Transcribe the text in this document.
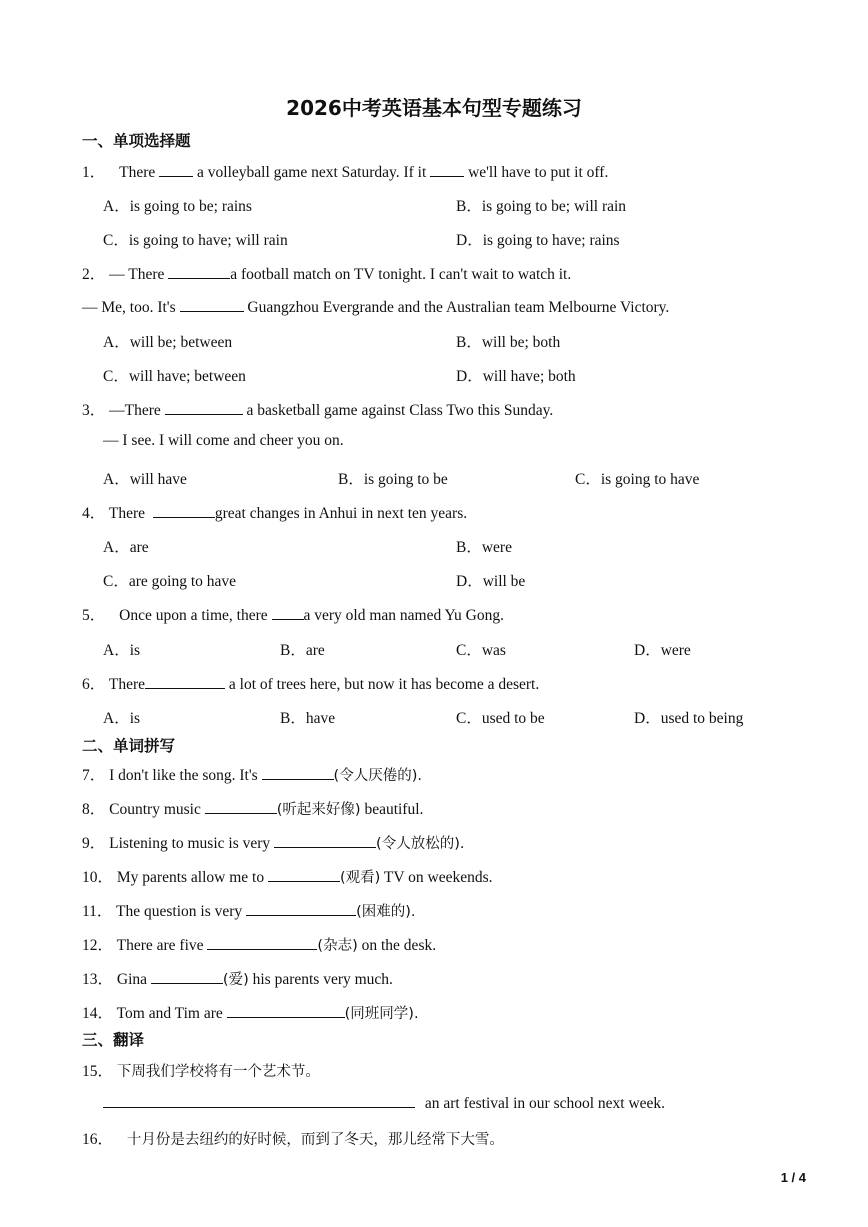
2026中考英语基本句型专题练习
一、单项选择题
1． There	a volleyball game next Saturday. If it	we'll have to put it off.
A．is going to be; rains	B．is going to be; will rain
C．is going to have; will rain	D．is going to have; rains
2． — There	a football match on TV tonight. I can't wait to watch it.
— Me, too. It's	Guangzhou Evergrande and the Australian team Melbourne Victory.
A．will be; between	B．will be; both
C．will have; between	D．will have; both
3． —There	a basketball game against Class Two this Sunday.
— I see. I will come and cheer you on.
A．will have	B．is going to be	C．is going to have
4． There	great changes in Anhui in next ten years.
A．are	B．were
C．are going to have	D．will be
5． Once upon a time, there a very old man named Yu Gong.
A．is	B．are	C．was	D．were
6． There	a lot of trees here, but now it has become a desert.
A．is	B．have	C．used to be	D．used to being
二、单词拼写
7． I don't like the song. It's	(令人厌倦的).
8． Country music	(听起来好像) beautiful.
9． Listening to music is very	(令人放松的).
10． My parents allow me to	(观看) TV on weekends.
11． The question is very	(困难的).
12． There are five	(杂志) on the desk.
13． Gina	(爱) his parents very much.
14． Tom and Tim are	(同班同学).
三、翻译
15． 下周我们学校将有一个艺术节。
an art festival in our school next week.
16． 十月份是去纽约的好时候，而到了冬天，那儿经常下大雪。
1 / 4
